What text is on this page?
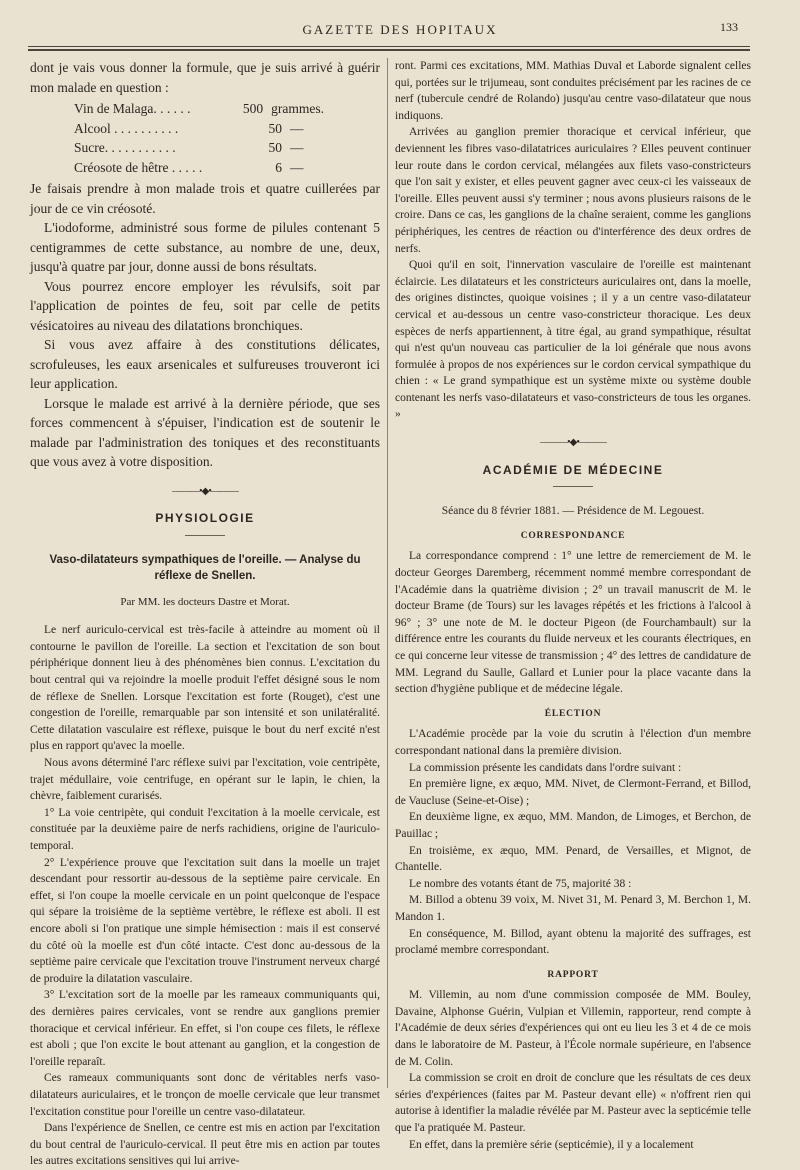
GAZETTE DES HOPITAUX	133

dont je vais vous donner la formule, que je suis arrivé à guérir mon malade en question :

Vin de Malaga. . . . . .	500 grammes.
Alcool . . . . . . . . . .	50 —
Sucre. . . . . . . . . . .	50 —
Créosote de hêtre . . . . .	6 —

Je faisais prendre à mon malade trois et quatre cuillerées par jour de ce vin créosoté.

L'iodoforme, administré sous forme de pilules contenant 5 centigrammes de cette substance, au nombre de une, deux, jusqu'à quatre par jour, donne aussi de bons résultats.

Vous pourrez encore employer les révulsifs, soit par l'application de pointes de feu, soit par celle de petits vésicatoires au niveau des dilatations bronchiques.

Si vous avez affaire à des constitutions délicates, scrofuleuses, les eaux arsenicales et sulfureuses trouveront ici leur application.

Lorsque le malade est arrivé à la dernière période, que ses forces commencent à s'épuiser, l'indication est de soutenir le malade par l'administration des toniques et des reconstituants que vous avez à votre disposition.

———•◆•———
PHYSIOLOGIE
Vaso-dilatateurs sympathiques de l'oreille. — Analyse du réflexe de Snellen.
Par MM. les docteurs Dastre et Morat.

Le nerf auriculo-cervical est très-facile à atteindre au moment où il contourne le pavillon de l'oreille. La section et l'excitation de son bout périphérique donnent lieu à des phénomènes bien connus. L'excitation du bout central qui va rejoindre la moelle produit l'effet désigné sous le nom de réflexe de Snellen. Lorsque l'excitation est forte (Rouget), c'est une congestion de l'oreille, remarquable par son intensité et son unilatéralité. Cette dilatation vasculaire est réflexe, puisque le bout du nerf excité n'est plus en rapport qu'avec la moelle.

Nous avons déterminé l'arc réflexe suivi par l'excitation, voie centripète, trajet médullaire, voie centrifuge, en opérant sur le lapin, le chien, la chèvre, faiblement curarisés.

1° La voie centripète, qui conduit l'excitation à la moelle cervicale, est constituée par la deuxième paire de nerfs rachidiens, origine de l'auriculo-temporal.

2° L'expérience prouve que l'excitation suit dans la moelle un trajet descendant pour ressortir au-dessous de la septième paire cervicale. En effet, si l'on coupe la moelle cervicale en un point quelconque de l'espace qui sépare la troisième de la septième vertèbre, le réflexe est aboli. Il est encore aboli si l'on pratique une simple hémisection : mais il est conservé du côté où la moelle est d'un côté intacte. C'est donc au-dessous de la septième paire cervicale que l'excitation trouve l'instrument nerveux chargé de produire la dilatation vasculaire.

3° L'excitation sort de la moelle par les rameaux communiquants qui, des dernières paires cervicales, vont se rendre aux ganglions premier thoracique et cervical inférieur. En effet, si l'on coupe ces filets, le réflexe est aboli ; que l'on excite le bout attenant au ganglion, et la congestion de l'oreille reparaît.

Ces rameaux communiquants sont donc de véritables nerfs vaso-dilatateurs auriculaires, et le tronçon de moelle cervicale que leur transmet l'excitation constitue pour l'oreille un centre vaso-dilatateur.

Dans l'expérience de Snellen, ce centre est mis en action par l'excitation du bout central de l'auriculo-cervical. Il peut être mis en action par toutes les autres excitations sensitives qui lui arrive-

ront. Parmi ces excitations, MM. Mathias Duval et Laborde signalent celles qui, portées sur le trijumeau, sont conduites précisément par les racines de ce nerf (tubercule cendré de Rolando) jusqu'au centre vaso-dilatateur que nous indiquons.

Arrivées au ganglion premier thoracique et cervical inférieur, que deviennent les fibres vaso-dilatatrices auriculaires ? Elles peuvent continuer leur route dans le cordon cervical, mélangées aux filets vaso-constricteurs que l'on sait y exister, et elles peuvent gagner avec ceux-ci les vaisseaux de l'oreille. Elles peuvent aussi s'y terminer ; nous avons plusieurs raisons de le croire. Dans ce cas, les ganglions de la chaîne seraient, comme les ganglions périphériques, les centres de réaction ou d'interférence des deux ordres de nerfs.

Quoi qu'il en soit, l'innervation vasculaire de l'oreille est maintenant éclaircie. Les dilatateurs et les constricteurs auriculaires ont, dans la moelle, des origines distinctes, quoique voisines ; il y a un centre vaso-dilatateur cervical et au-dessous un centre vaso-constricteur thoracique. Les deux espèces de nerfs appartiennent, à titre égal, au grand sympathique, résultat qui n'est qu'un nouveau cas particulier de la loi générale que nous avons formulée à propos de nos expériences sur le cordon cervical sympathique du chien : « Le grand sympathique est un système mixte ou système double contenant les nerfs vaso-dilatateurs et vaso-constricteurs de tous les organes. »

———•◆•———
ACADÉMIE DE MÉDECINE

Séance du 8 février 1881. — Présidence de M. Legouest.

CORRESPONDANCE

La correspondance comprend : 1° une lettre de remerciement de M. le docteur Georges Daremberg, récemment nommé membre correspondant de l'Académie dans la quatrième division ; 2° un travail manuscrit de M. le docteur Brame (de Tours) sur les lavages répétés et les frictions à l'alcool à 96° ; 3° une note de M. le docteur Pigeon (de Fourchambault) sur la différence entre les courants du fluide nerveux et les courants électriques, en ce qui concerne leur vitesse de transmission ; 4° des lettres de candidature de MM. Legrand du Saulle, Gallard et Lunier pour la place vacante dans la section d'hygiène publique et de médecine légale.

ÉLECTION

L'Académie procède par la voie du scrutin à l'élection d'un membre correspondant national dans la première division.

La commission présente les candidats dans l'ordre suivant :

En première ligne, ex æquo, MM. Nivet, de Clermont-Ferrand, et Billod, de Vaucluse (Seine-et-Oise) ;

En deuxième ligne, ex æquo, MM. Mandon, de Limoges, et Berchon, de Pauillac ;

En troisième, ex æquo, MM. Penard, de Versailles, et Mignot, de Chantelle.

Le nombre des votants étant de 75, majorité 38 :

M. Billod a obtenu 39 voix, M. Nivet 31, M. Penard 3, M. Berchon 1, M. Mandon 1.

En conséquence, M. Billod, ayant obtenu la majorité des suffrages, est proclamé membre correspondant.

RAPPORT

M. Villemin, au nom d'une commission composée de MM. Bouley, Davaine, Alphonse Guérin, Vulpian et Villemin, rapporteur, rend compte à l'Académie de deux séries d'expériences qui ont eu lieu les 3 et 4 de ce mois dans le laboratoire de M. Pasteur, à l'École normale supérieure, en l'absence de M. Colin.

La commission se croit en droit de conclure que les résultats de ces deux séries d'expériences (faites par M. Pasteur devant elle) « n'offrent rien qui autorise à identifier la maladie révélée par M. Pasteur avec la septicémie telle que l'a pratiquée M. Pasteur.

En effet, dans la première série (septicémie), il y a localement
